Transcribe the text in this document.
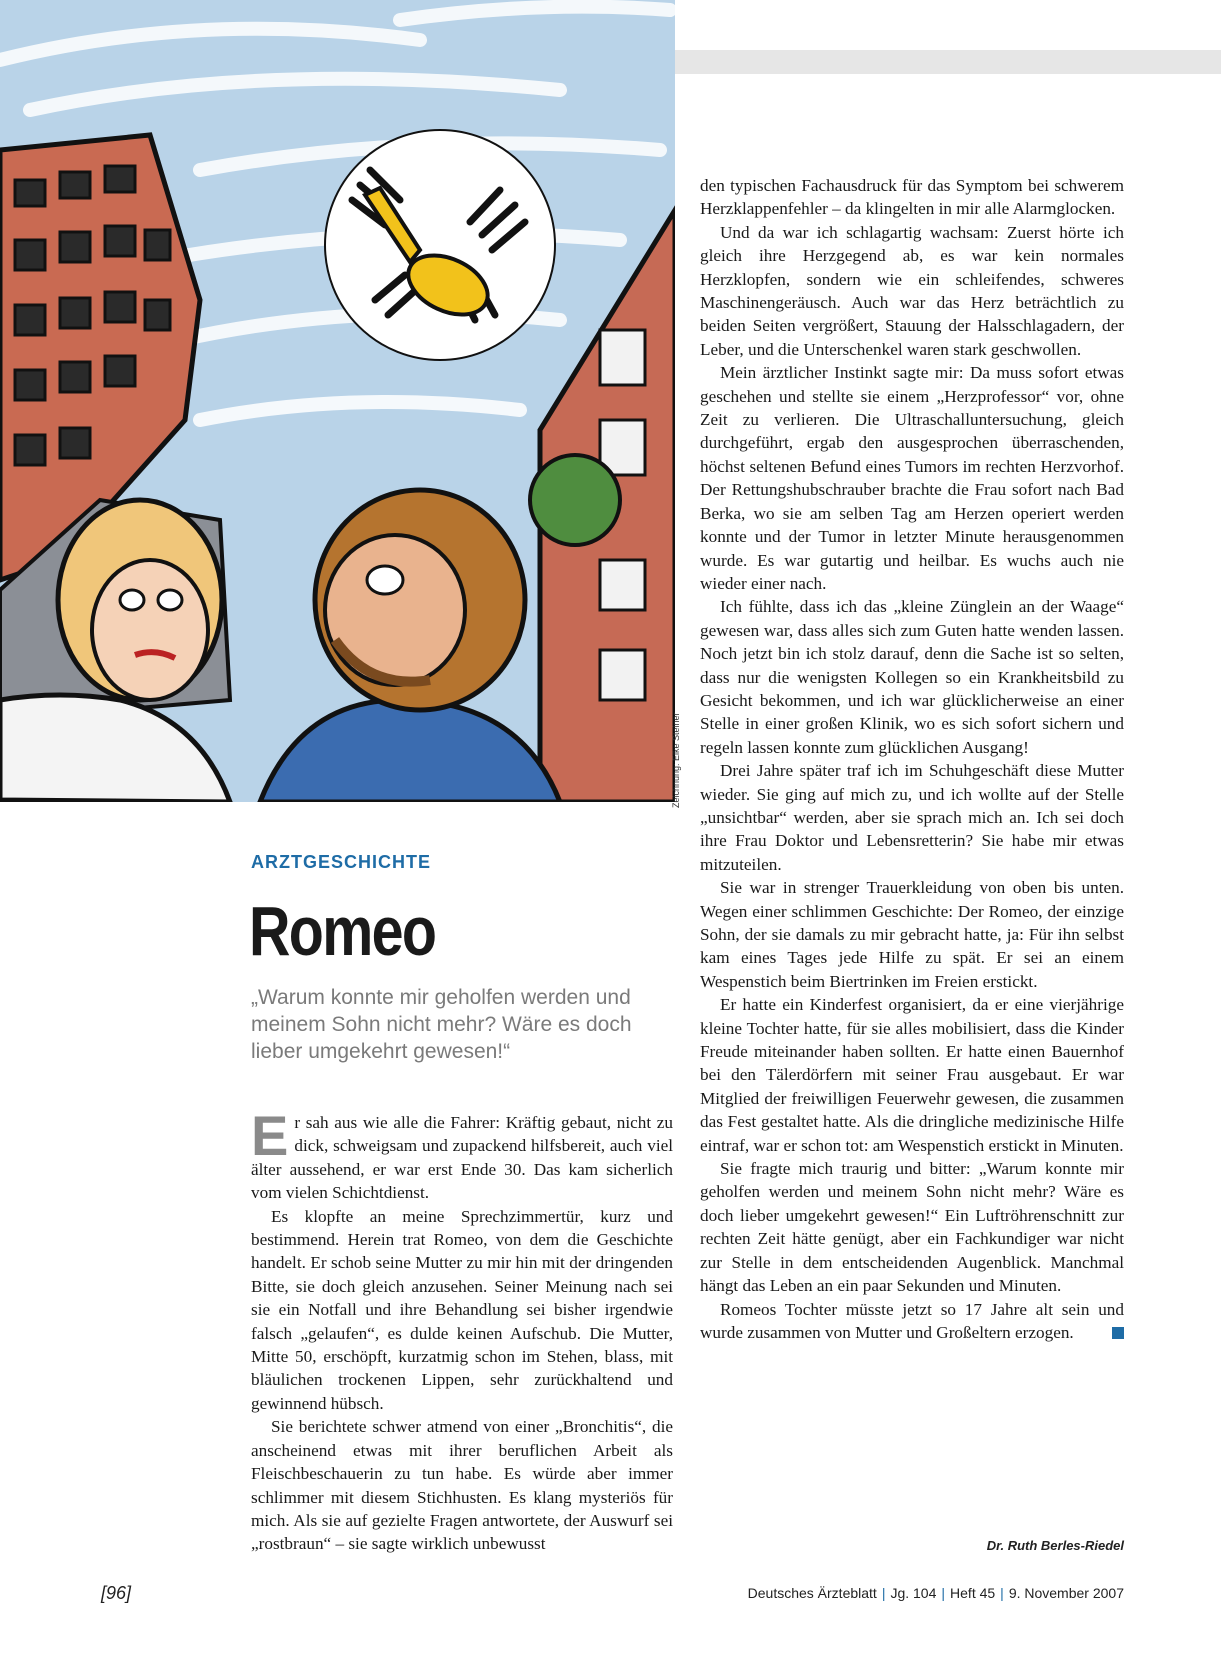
Zeichnung: Elke Steiner
ARZTGESCHICHTE
Romeo
„Warum konnte mir geholfen werden und meinem Sohn nicht mehr? Wäre es doch lieber umgekehrt gewesen!“

Er sah aus wie alle die Fahrer: Kräftig gebaut, nicht zu dick, schweigsam und zupackend hilfsbereit, auch viel älter aussehend, er war erst Ende 30. Das kam sicherlich vom vielen Schichtdienst.

Es klopfte an meine Sprechzimmertür, kurz und bestimmend. Herein trat Romeo, von dem die Geschichte handelt. Er schob seine Mutter zu mir hin mit der dringenden Bitte, sie doch gleich anzusehen. Seiner Meinung nach sei sie ein Notfall und ihre Behandlung sei bisher irgendwie falsch „gelaufen“, es dulde keinen Aufschub. Die Mutter, Mitte 50, erschöpft, kurzatmig schon im Stehen, blass, mit bläulichen trockenen Lippen, sehr zurückhaltend und gewinnend hübsch.

Sie berichtete schwer atmend von einer „Bronchitis“, die anscheinend etwas mit ihrer beruflichen Arbeit als Fleischbeschauerin zu tun habe. Es würde aber immer schlimmer mit diesem Stichhusten. Es klang mysteriös für mich. Als sie auf gezielte Fragen antwortete, der Auswurf sei „rostbraun“ – sie sagte wirklich unbewusst

den typischen Fachausdruck für das Symptom bei schwerem Herzklappenfehler – da klingelten in mir alle Alarmglocken.

Und da war ich schlagartig wachsam: Zuerst hörte ich gleich ihre Herzgegend ab, es war kein normales Herzklopfen, sondern wie ein schleifendes, schweres Maschinengeräusch. Auch war das Herz beträchtlich zu beiden Seiten vergrößert, Stauung der Halsschlagadern, der Leber, und die Unterschenkel waren stark geschwollen.

Mein ärztlicher Instinkt sagte mir: Da muss sofort etwas geschehen und stellte sie einem „Herzprofessor“ vor, ohne Zeit zu verlieren. Die Ultraschalluntersuchung, gleich durchgeführt, ergab den ausgesprochen überraschenden, höchst seltenen Befund eines Tumors im rechten Herzvorhof. Der Rettungshubschrauber brachte die Frau sofort nach Bad Berka, wo sie am selben Tag am Herzen operiert werden konnte und der Tumor in letzter Minute herausgenommen wurde. Es war gutartig und heilbar. Es wuchs auch nie wieder einer nach.

Ich fühlte, dass ich das „kleine Zünglein an der Waage“ gewesen war, dass alles sich zum Guten hatte wenden lassen. Noch jetzt bin ich stolz darauf, denn die Sache ist so selten, dass nur die wenigsten Kollegen so ein Krankheitsbild zu Gesicht bekommen, und ich war glücklicherweise an einer Stelle in einer großen Klinik, wo es sich sofort sichern und regeln lassen konnte zum glücklichen Ausgang!

Drei Jahre später traf ich im Schuhgeschäft diese Mutter wieder. Sie ging auf mich zu, und ich wollte auf der Stelle „unsichtbar“ werden, aber sie sprach mich an. Ich sei doch ihre Frau Doktor und Lebensretterin? Sie habe mir etwas mitzuteilen.

Sie war in strenger Trauerkleidung von oben bis unten. Wegen einer schlimmen Geschichte: Der Romeo, der einzige Sohn, der sie damals zu mir gebracht hatte, ja: Für ihn selbst kam eines Tages jede Hilfe zu spät. Er sei an einem Wespenstich beim Biertrinken im Freien erstickt.

Er hatte ein Kinderfest organisiert, da er eine vierjährige kleine Tochter hatte, für sie alles mobilisiert, dass die Kinder Freude miteinander haben sollten. Er hatte einen Bauernhof bei den Tälerdörfern mit seiner Frau ausgebaut. Er war Mitglied der freiwilligen Feuerwehr gewesen, die zusammen das Fest gestaltet hatte. Als die dringliche medizinische Hilfe eintraf, war er schon tot: am Wespenstich erstickt in Minuten.

Sie fragte mich traurig und bitter: „Warum konnte mir geholfen werden und meinem Sohn nicht mehr? Wäre es doch lieber umgekehrt gewesen!“ Ein Luftröhrenschnitt zur rechten Zeit hätte genügt, aber ein Fachkundiger war nicht zur Stelle in dem entscheidenden Augenblick. Manchmal hängt das Leben an ein paar Sekunden und Minuten.

Romeos Tochter müsste jetzt so 17 Jahre alt sein und wurde zusammen von Mutter und Großeltern erzogen.

Dr. Ruth Berles-Riedel
[96]	Deutsches Ärzteblatt | Jg. 104 | Heft 45 | 9. November 2007
